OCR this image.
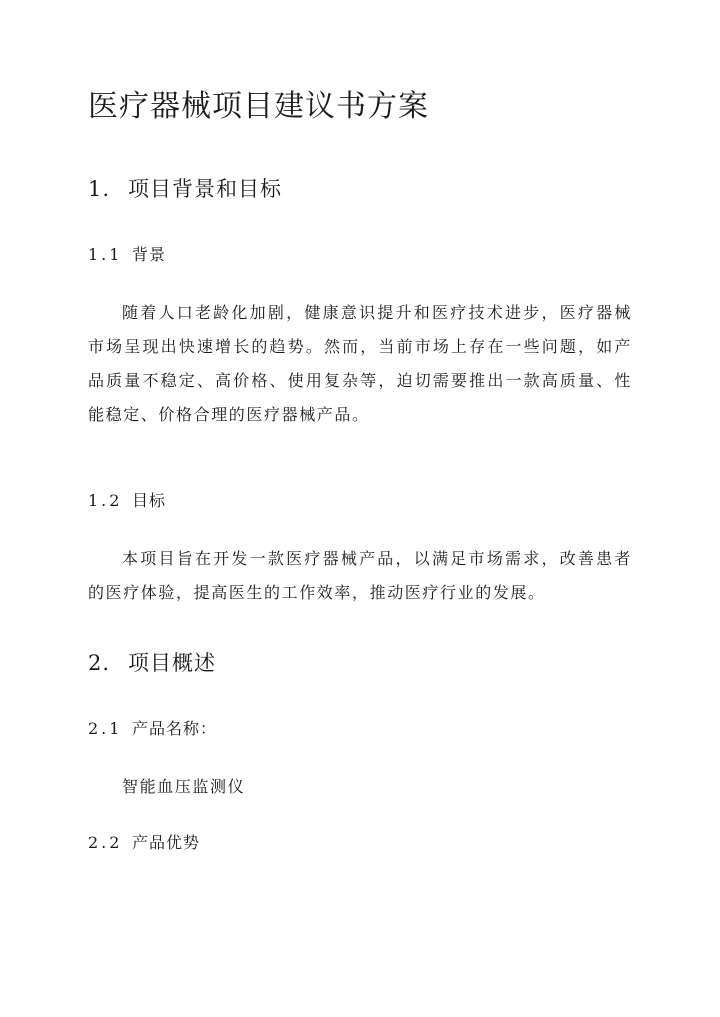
医疗器械项目建议书方案
1. 项目背景和目标
1.1 背景
随着人口老龄化加剧，健康意识提升和医疗技术进步，医疗器械市场呈现出快速增长的趋势。然而，当前市场上存在一些问题，如产品质量不稳定、高价格、使用复杂等，迫切需要推出一款高质量、性能稳定、价格合理的医疗器械产品。
1.2 目标
本项目旨在开发一款医疗器械产品，以满足市场需求，改善患者的医疗体验，提高医生的工作效率，推动医疗行业的发展。
2. 项目概述
2.1 产品名称：
智能血压监测仪
2.2 产品优势
